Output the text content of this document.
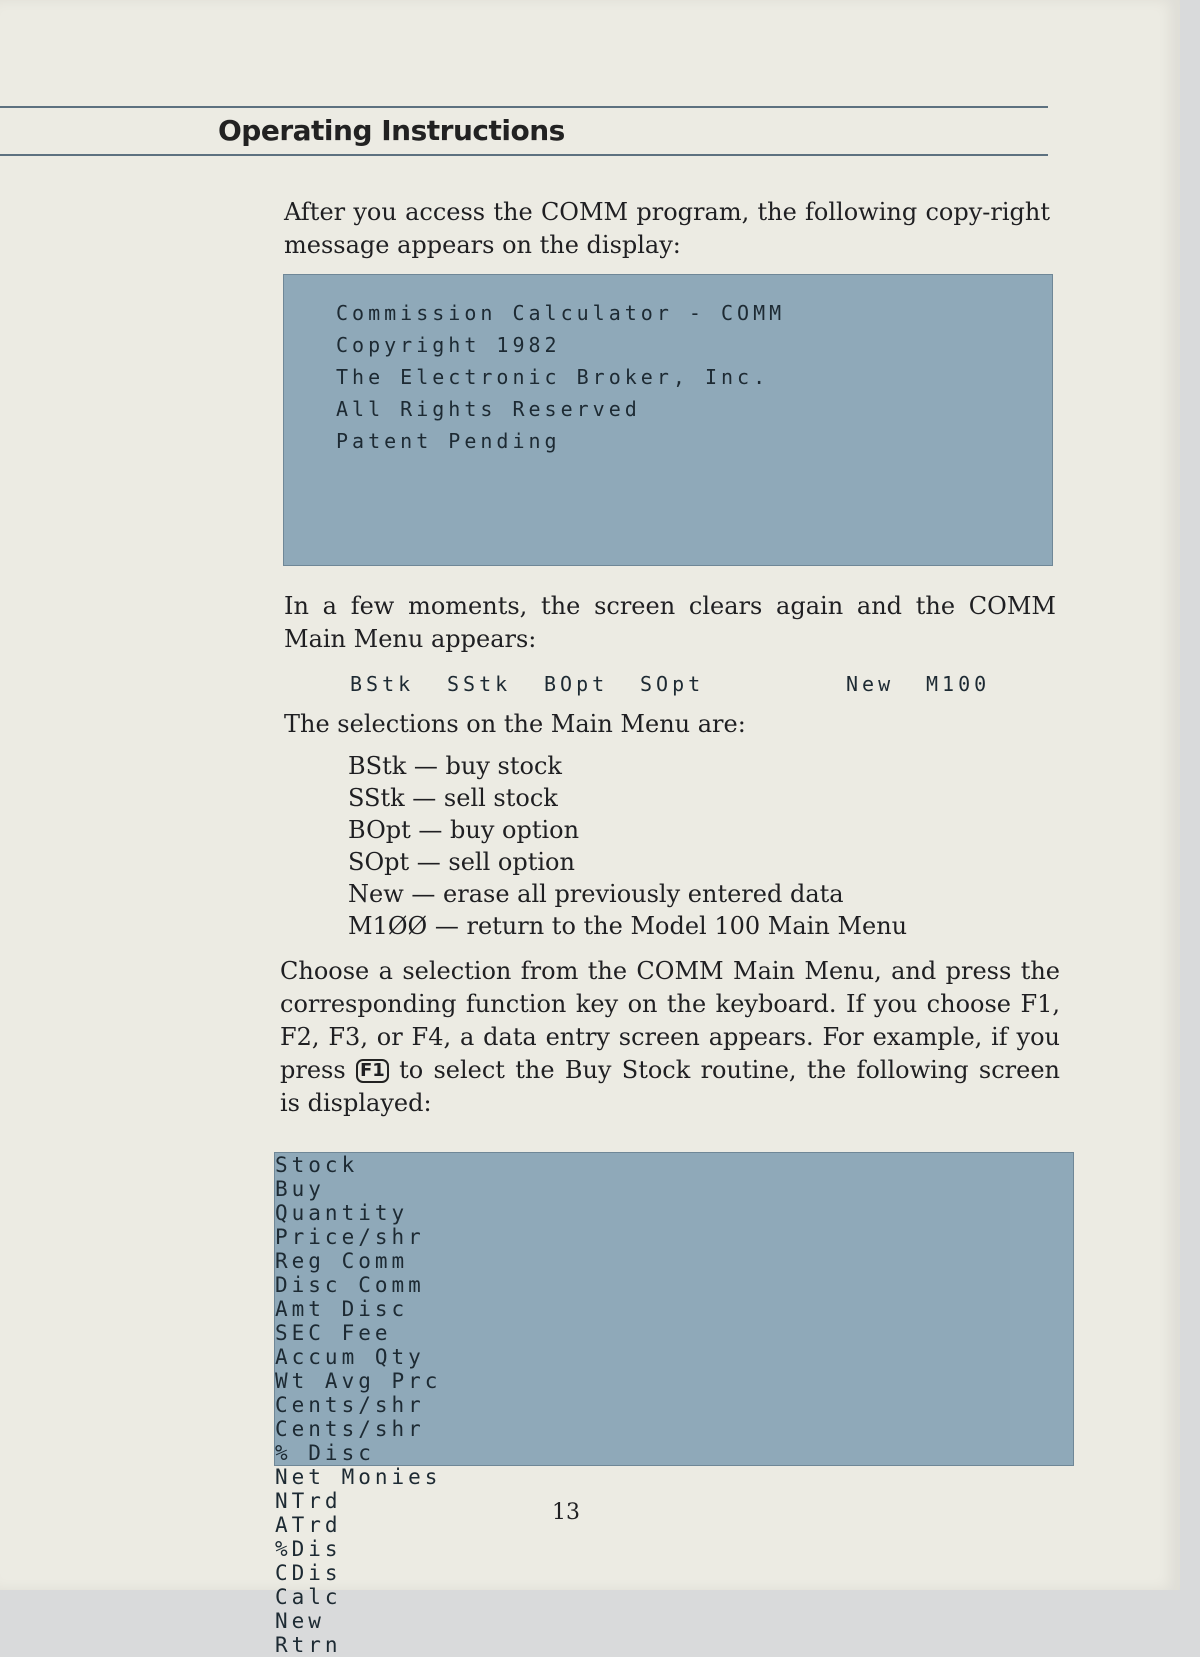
Operating Instructions
After you access the COMM program, the following copy-right message appears on the display:
Commission Calculator - COMM
Copyright 1982
The Electronic Broker, Inc.
All Rights Reserved
Patent Pending
In a few moments, the screen clears again and the COMM Main Menu appears:
BStk SStk BOpt SOpt	New M100
The selections on the Main Menu are:
BStk — buy stock
SStk — sell stock
BOpt — buy option
SOpt — sell option
New — erase all previously entered data
M1ØØ — return to the Model 100 Main Menu
Choose a selection from the COMM Main Menu, and press the corresponding function key on the keyboard. If you choose F1, F2, F3, or F4, a data entry screen appears. For example, if you press F1 to select the Buy Stock routine, the following screen is displayed:
Stock
Buy
Quantity
Price/shr
Reg Comm
Disc Comm
Amt Disc
SEC Fee
Accum Qty
Wt Avg Prc
Cents/shr
Cents/shr
% Disc
Net Monies
NTrd
ATrd
%Dis
CDis
Calc
New
Rtrn
13
